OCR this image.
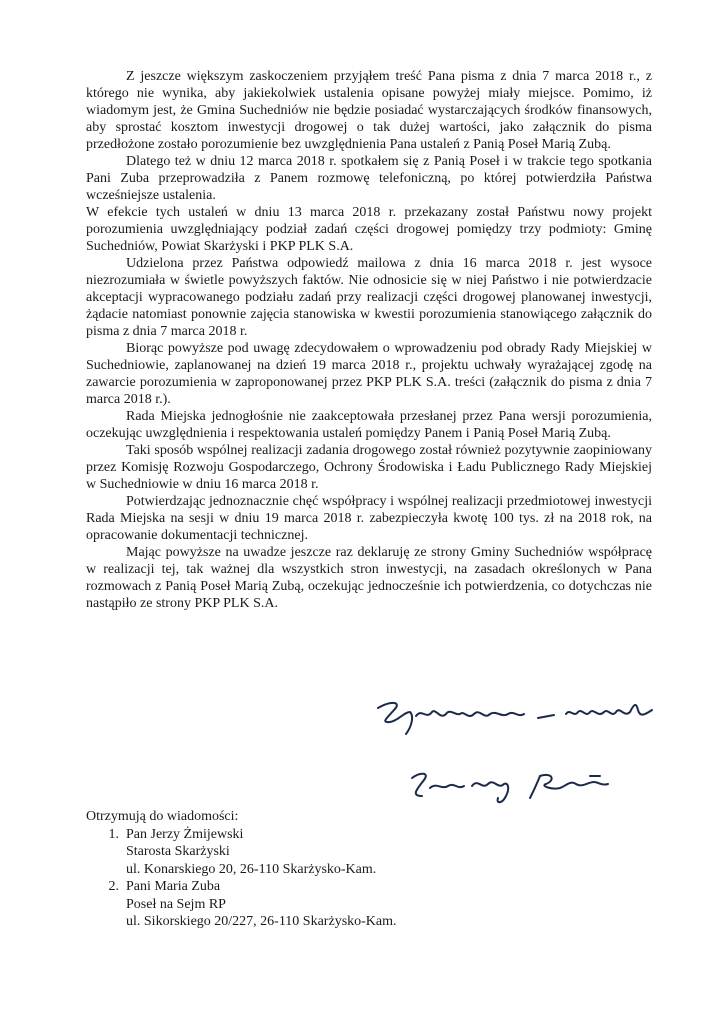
Z jeszcze większym zaskoczeniem przyjąłem treść Pana pisma z dnia 7 marca 2018 r., z którego nie wynika, aby jakiekolwiek ustalenia opisane powyżej miały miejsce. Pomimo, iż wiadomym jest, że Gmina Suchedniów nie będzie posiadać wystarczających środków finansowych, aby sprostać kosztom inwestycji drogowej o tak dużej wartości, jako załącznik do pisma przedłożone zostało porozumienie bez uwzględnienia Pana ustaleń z Panią Poseł Marią Zubą.

Dlatego też w dniu 12 marca 2018 r. spotkałem się z Panią Poseł i w trakcie tego spotkania Pani Zuba przeprowadziła z Panem rozmowę telefoniczną, po której potwierdziła Państwa wcześniejsze ustalenia.

W efekcie tych ustaleń w dniu 13 marca 2018 r. przekazany został Państwu nowy projekt porozumienia uwzględniający podział zadań części drogowej pomiędzy trzy podmioty: Gminę Suchedniów, Powiat Skarżyski i PKP PLK S.A.

Udzielona przez Państwa odpowiedź mailowa z dnia 16 marca 2018 r. jest wysoce niezrozumiała w świetle powyższych faktów. Nie odnosicie się w niej Państwo i nie potwierdzacie akceptacji wypracowanego podziału zadań przy realizacji części drogowej planowanej inwestycji, żądacie natomiast ponownie zajęcia stanowiska w kwestii porozumienia stanowiącego załącznik do pisma z dnia 7 marca 2018 r.

Biorąc powyższe pod uwagę zdecydowałem o wprowadzeniu pod obrady Rady Miejskiej w Suchedniowie, zaplanowanej na dzień 19 marca 2018 r., projektu uchwały wyrażającej zgodę na zawarcie porozumienia w zaproponowanej przez PKP PLK S.A. treści (załącznik do pisma z dnia 7 marca 2018 r.).

Rada Miejska jednogłośnie nie zaakceptowała przesłanej przez Pana wersji porozumienia, oczekując uwzględnienia i respektowania ustaleń pomiędzy Panem i Panią Poseł Marią Zubą.

Taki sposób wspólnej realizacji zadania drogowego został również pozytywnie zaopiniowany przez Komisję Rozwoju Gospodarczego, Ochrony Środowiska i Ładu Publicznego Rady Miejskiej w Suchedniowie w dniu 16 marca 2018 r.

Potwierdzając jednoznacznie chęć współpracy i wspólnej realizacji przedmiotowej inwestycji Rada Miejska na sesji w dniu 19 marca 2018 r. zabezpieczyła kwotę 100 tys. zł na 2018 rok, na opracowanie dokumentacji technicznej.

Mając powyższe na uwadze jeszcze raz deklaruję ze strony Gminy Suchedniów współpracę w realizacji tej, tak ważnej dla wszystkich stron inwestycji, na zasadach określonych w Pana rozmowach z Panią Poseł Marią Zubą, oczekując jednocześnie ich potwierdzenia, co dotychczas nie nastąpiło ze strony PKP PLK S.A.

Otrzymują do wiadomości:

1. Pan Jerzy Żmijewski
Starosta Skarżyski
ul. Konarskiego 20, 26-110 Skarżysko-Kam.
2. Pani Maria Zuba
Poseł na Sejm RP
ul. Sikorskiego 20/227, 26-110 Skarżysko-Kam.
